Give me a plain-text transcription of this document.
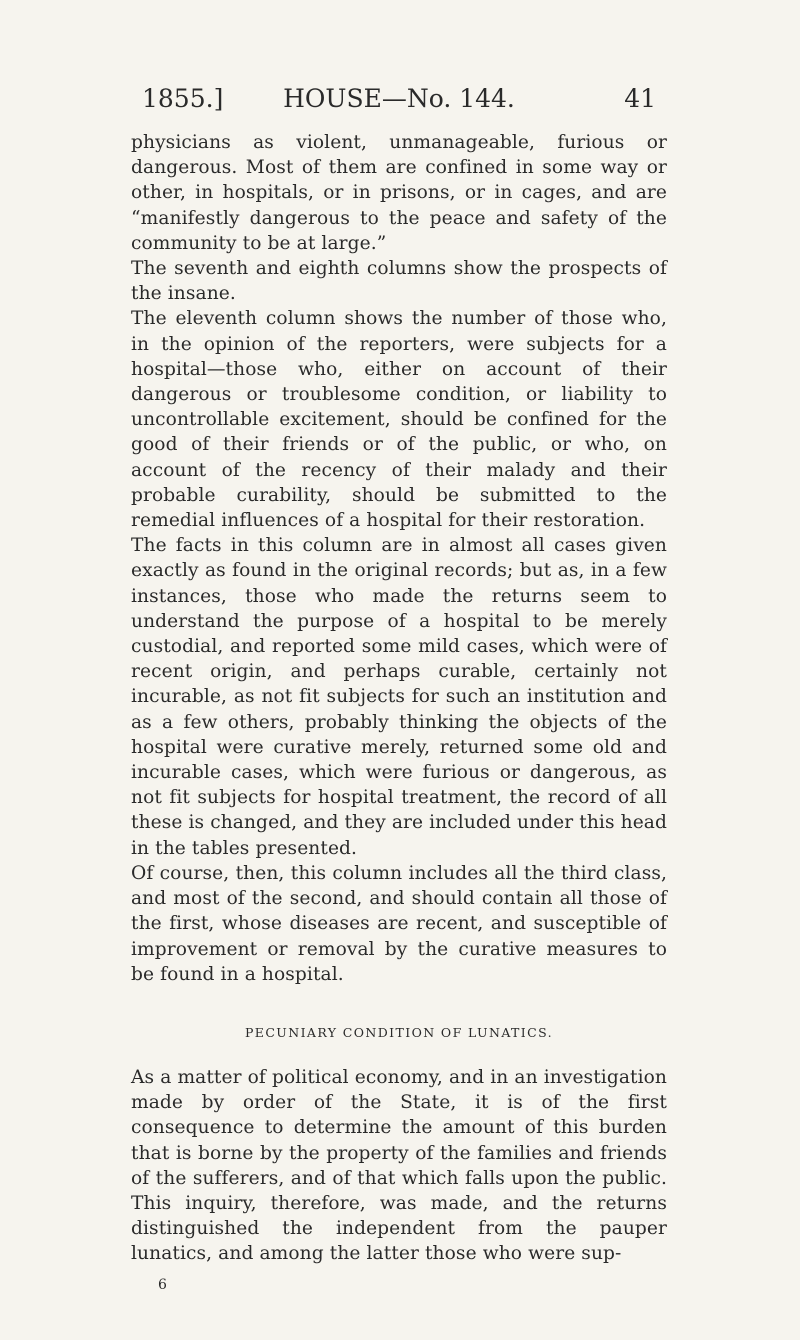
1855.]	HOUSE—No. 144.	41

physicians as violent, unmanageable, furious or dangerous. Most of them are confined in some way or other, in hospitals, or in prisons, or in cages, and are “manifestly dangerous to the peace and safety of the community to be at large.”

The seventh and eighth columns show the prospects of the insane.

The eleventh column shows the number of those who, in the opinion of the reporters, were subjects for a hospital—those who, either on account of their dangerous or troublesome condition, or liability to uncontrollable excitement, should be confined for the good of their friends or of the public, or who, on account of the recency of their malady and their probable curability, should be submitted to the remedial influences of a hospital for their restoration.

The facts in this column are in almost all cases given exactly as found in the original records; but as, in a few instances, those who made the returns seem to understand the purpose of a hospital to be merely custodial, and reported some mild cases, which were of recent origin, and perhaps curable, certainly not incurable, as not fit subjects for such an institution and as a few others, probably thinking the objects of the hospital were curative merely, returned some old and incurable cases, which were furious or dangerous, as not fit subjects for hospital treatment, the record of all these is changed, and they are included under this head in the tables presented.

Of course, then, this column includes all the third class, and most of the second, and should contain all those of the first, whose diseases are recent, and susceptible of improvement or removal by the curative measures to be found in a hospital.

PECUNIARY CONDITION OF LUNATICS.

As a matter of political economy, and in an investigation made by order of the State, it is of the first consequence to determine the amount of this burden that is borne by the property of the families and friends of the sufferers, and of that which falls upon the public. This inquiry, therefore, was made, and the returns distinguished the independent from the pauper lunatics, and among the latter those who were sup-

6
